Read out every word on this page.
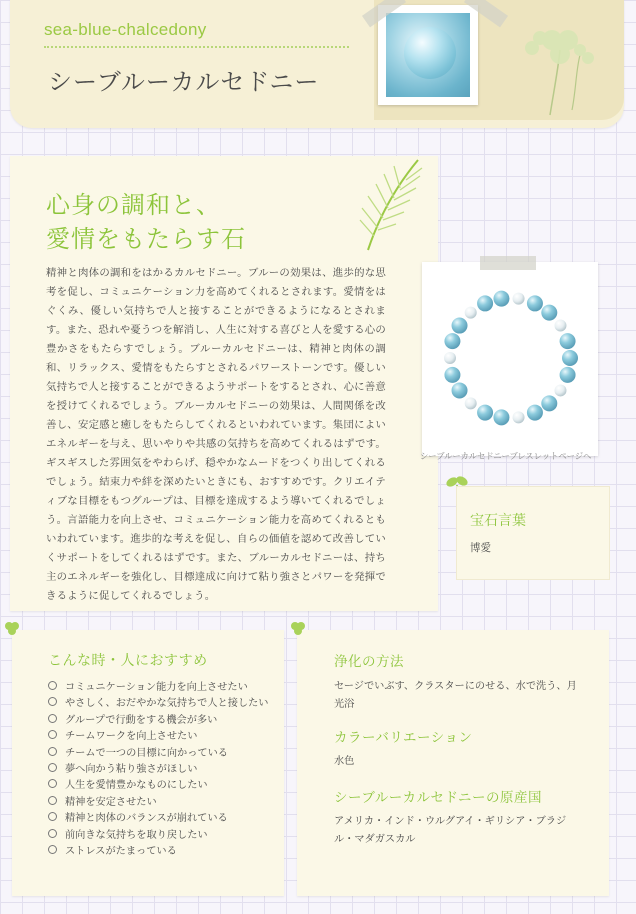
sea-blue-chalcedony
シーブルーカルセドニー
心身の調和と、
愛情をもたらす石
精神と肉体の調和をはかるカルセドニー。ブルーの効果は、進歩的な思考を促し、コミュニケーション力を高めてくれるとされます。愛情をはぐくみ、優しい気持ちで人と接することができるようになるとされます。また、恐れや憂うつを解消し、人生に対する喜びと人を愛する心の豊かさをもたらすでしょう。ブルーカルセドニーは、精神と肉体の調和、リラックス、愛情をもたらすとされるパワーストーンです。優しい気持ちで人と接することができるようサポートをするとされ、心に善意を授けてくれるでしょう。ブルーカルセドニーの効果は、人間関係を改善し、安定感と癒しをもたらしてくれるといわれています。集団によいエネルギーを与え、思いやりや共感の気持ちを高めてくれるはずです。ギスギスした雰囲気をやわらげ、穏やかなムードをつくり出してくれるでしょう。結束力や絆を深めたいときにも、おすすめです。クリエイティブな目標をもつグループは、目標を達成するよう導いてくれるでしょう。言語能力を向上させ、コミュニケーション能力を高めてくれるともいわれています。進歩的な考えを促し、自らの価値を認めて改善していくサポートをしてくれるはずです。また、ブルーカルセドニーは、持ち主のエネルギーを強化し、目標達成に向けて粘り強さとパワーを発揮できるように促してくれるでしょう。
シーブルーカルセドニーブレスレットページへ
宝石言葉
博愛
こんな時・人におすすめ
コミュニケーション能力を向上させたい
やさしく、おだやかな気持ちで人と接したい
グループで行動をする機会が多い
チームワークを向上させたい
チームで一つの目標に向かっている
夢へ向かう粘り強さがほしい
人生を愛情豊かなものにしたい
精神を安定させたい
精神と肉体のバランスが崩れている
前向きな気持ちを取り戻したい
ストレスがたまっている
浄化の方法
セージでいぶす、クラスターにのせる、水で洗う、月光浴
カラーバリエーション
水色
シーブルーカルセドニーの原産国
アメリカ・インド・ウルグアイ・ギリシア・ブラジル・マダガスカル
